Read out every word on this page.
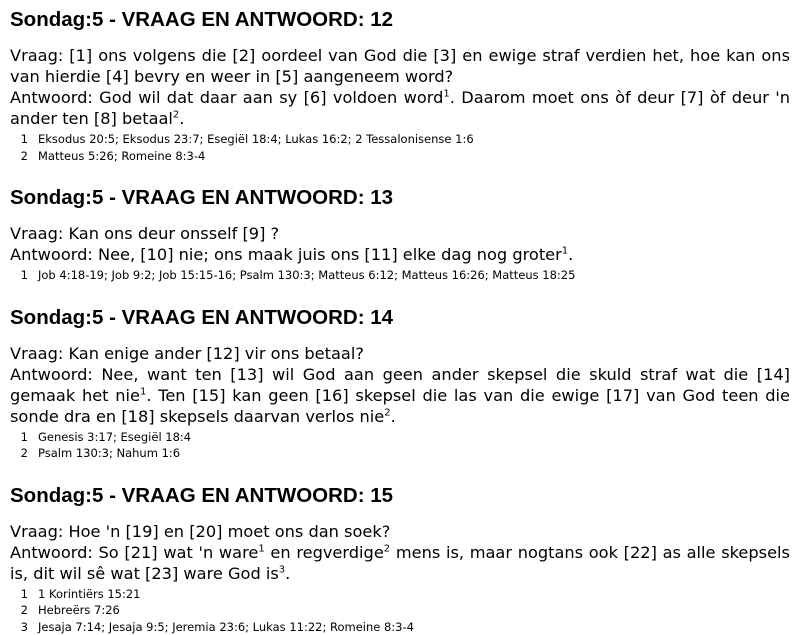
Sondag:5 - VRAAG EN ANTWOORD: 12

Vraag: [1] ons volgens die [2] oordeel van God die [3] en ewige straf verdien het, hoe kan ons van hierdie [4] bevry en weer in [5] aangeneem word?

Antwoord: God wil dat daar aan sy [6] voldoen word$^1$. Daarom moet ons òf deur [7] òf deur 'n ander ten [8] betaal$^2$.

1 Eksodus 20:5; Eksodus 23:7; Esegiël 18:4; Lukas 16:2; 2 Tessalonisense 1:6
2 Matteus 5:26; Romeine 8:3-4
Sondag:5 - VRAAG EN ANTWOORD: 13

Vraag: Kan ons deur onsself [9] ?

Antwoord: Nee, [10] nie; ons maak juis ons [11] elke dag nog groter$^1$.

1 Job 4:18-19; Job 9:2; Job 15:15-16; Psalm 130:3; Matteus 6:12; Matteus 16:26; Matteus 18:25
Sondag:5 - VRAAG EN ANTWOORD: 14

Vraag: Kan enige ander [12] vir ons betaal?

Antwoord: Nee, want ten [13] wil God aan geen ander skepsel die skuld straf wat die [14] gemaak het nie$^1$. Ten [15] kan geen [16] skepsel die las van die ewige [17] van God teen die sonde dra en [18] skepsels daarvan verlos nie$^2$.

1 Genesis 3:17; Esegiël 18:4
2 Psalm 130:3; Nahum 1:6
Sondag:5 - VRAAG EN ANTWOORD: 15

Vraag: Hoe 'n [19] en [20] moet ons dan soek?

Antwoord: So [21] wat 'n ware$^1$ en regverdige$^2$ mens is, maar nogtans ook [22] as alle skepsels is, dit wil sê wat [23] ware God $is^3$.

1 1 Korintiërs 15:21
2 Hebreërs 7:26
3 Jesaja 7:14; Jesaja 9:5; Jeremia 23:6; Lukas 11:22; Romeine 8:3-4
